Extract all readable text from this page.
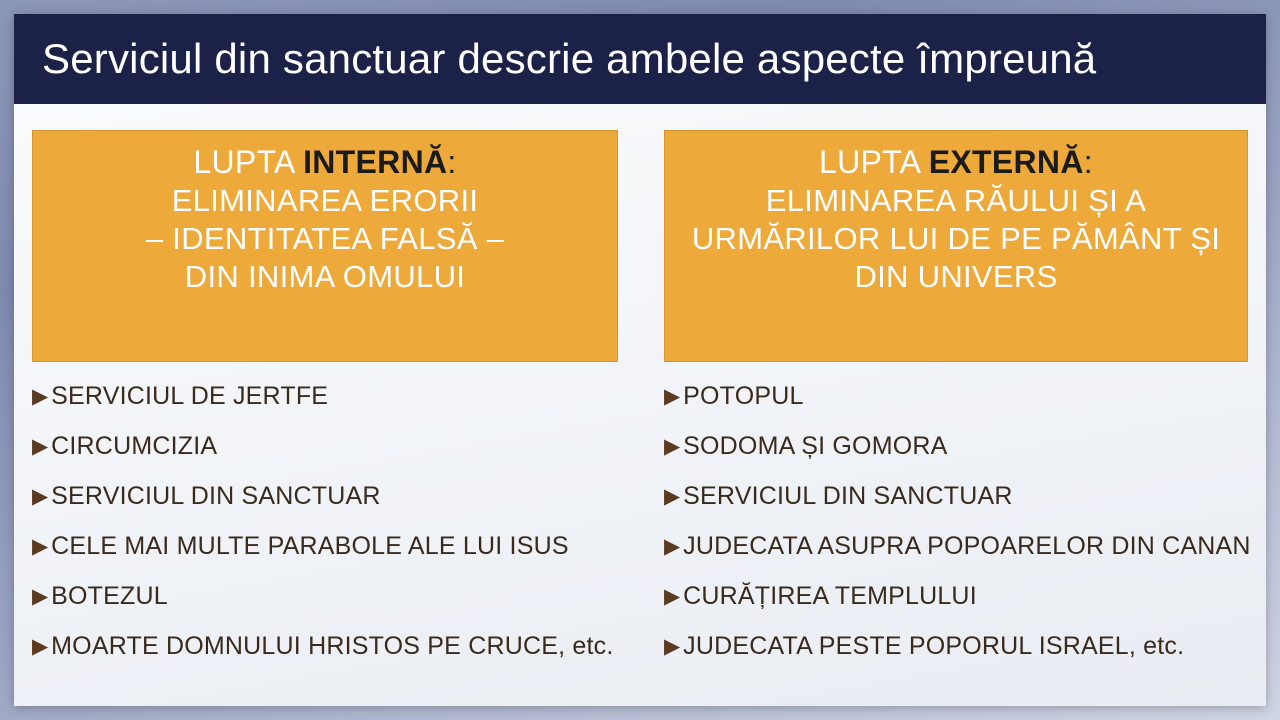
Serviciul din sanctuar descrie ambele aspecte împreună
LUPTA INTERNĂ:
ELIMINAREA ERORII
– IDENTITATEA FALSĂ –
DIN INIMA OMULUI
▶ SERVICIUL DE JERTFE
▶ CIRCUMCIZIA
▶ SERVICIUL DIN SANCTUAR
▶ CELE MAI MULTE PARABOLE ALE LUI ISUS
▶ BOTEZUL
▶ MOARTE DOMNULUI HRISTOS PE CRUCE, etc.
LUPTA EXTERNĂ:
ELIMINAREA RĂULUI ȘI A
URMĂRILOR LUI DE PE PĂMÂNT ȘI
DIN UNIVERS
▶ POTOPUL
▶ SODOMA ȘI GOMORA
▶ SERVICIUL DIN SANCTUAR
▶ JUDECATA ASUPRA POPOARELOR DIN CANAN
▶ CURĂȚIREA TEMPLULUI
▶ JUDECATA PESTE POPORUL ISRAEL, etc.
